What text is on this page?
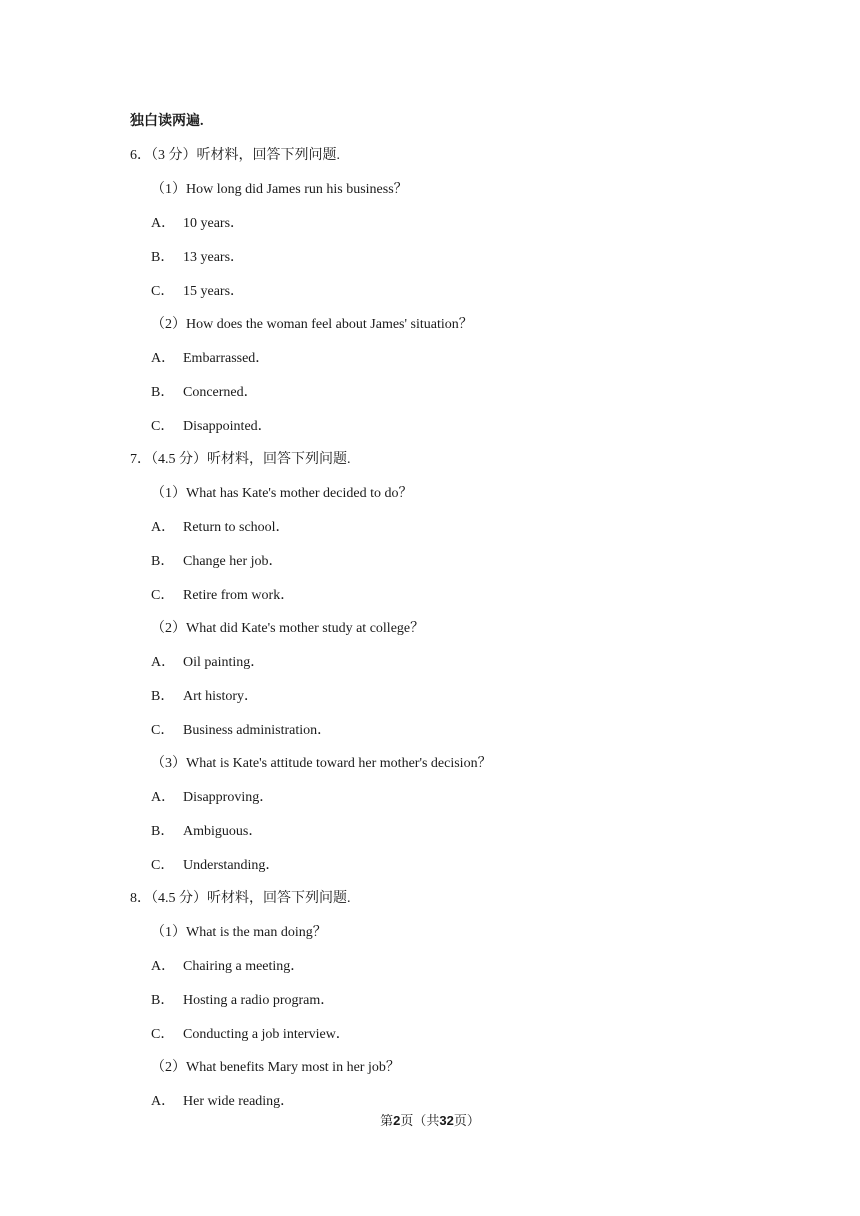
独白读两遍.
6．（3 分）听材料，回答下列问题.
（1）How long did James run his business？
A． 10 years．
B． 13 years．
C． 15 years．
（2）How does the woman feel about James' situation？
A． Embarrassed．
B． Concerned．
C． Disappointed．
7．（4.5 分）听材料，回答下列问题.
（1）What has Kate's mother decided to do？
A． Return to school．
B． Change her job．
C． Retire from work．
（2）What did Kate's mother study at college？
A． Oil painting．
B． Art history．
C． Business administration．
（3）What is Kate's attitude toward her mother's decision？
A． Disapproving．
B． Ambiguous．
C． Understanding．
8．（4.5 分）听材料，回答下列问题.
（1）What is the man doing？
A． Chairing a meeting．
B． Hosting a radio program．
C． Conducting a job interview．
（2）What benefits Mary most in her job？
A． Her wide reading．
第2页（共32页）
